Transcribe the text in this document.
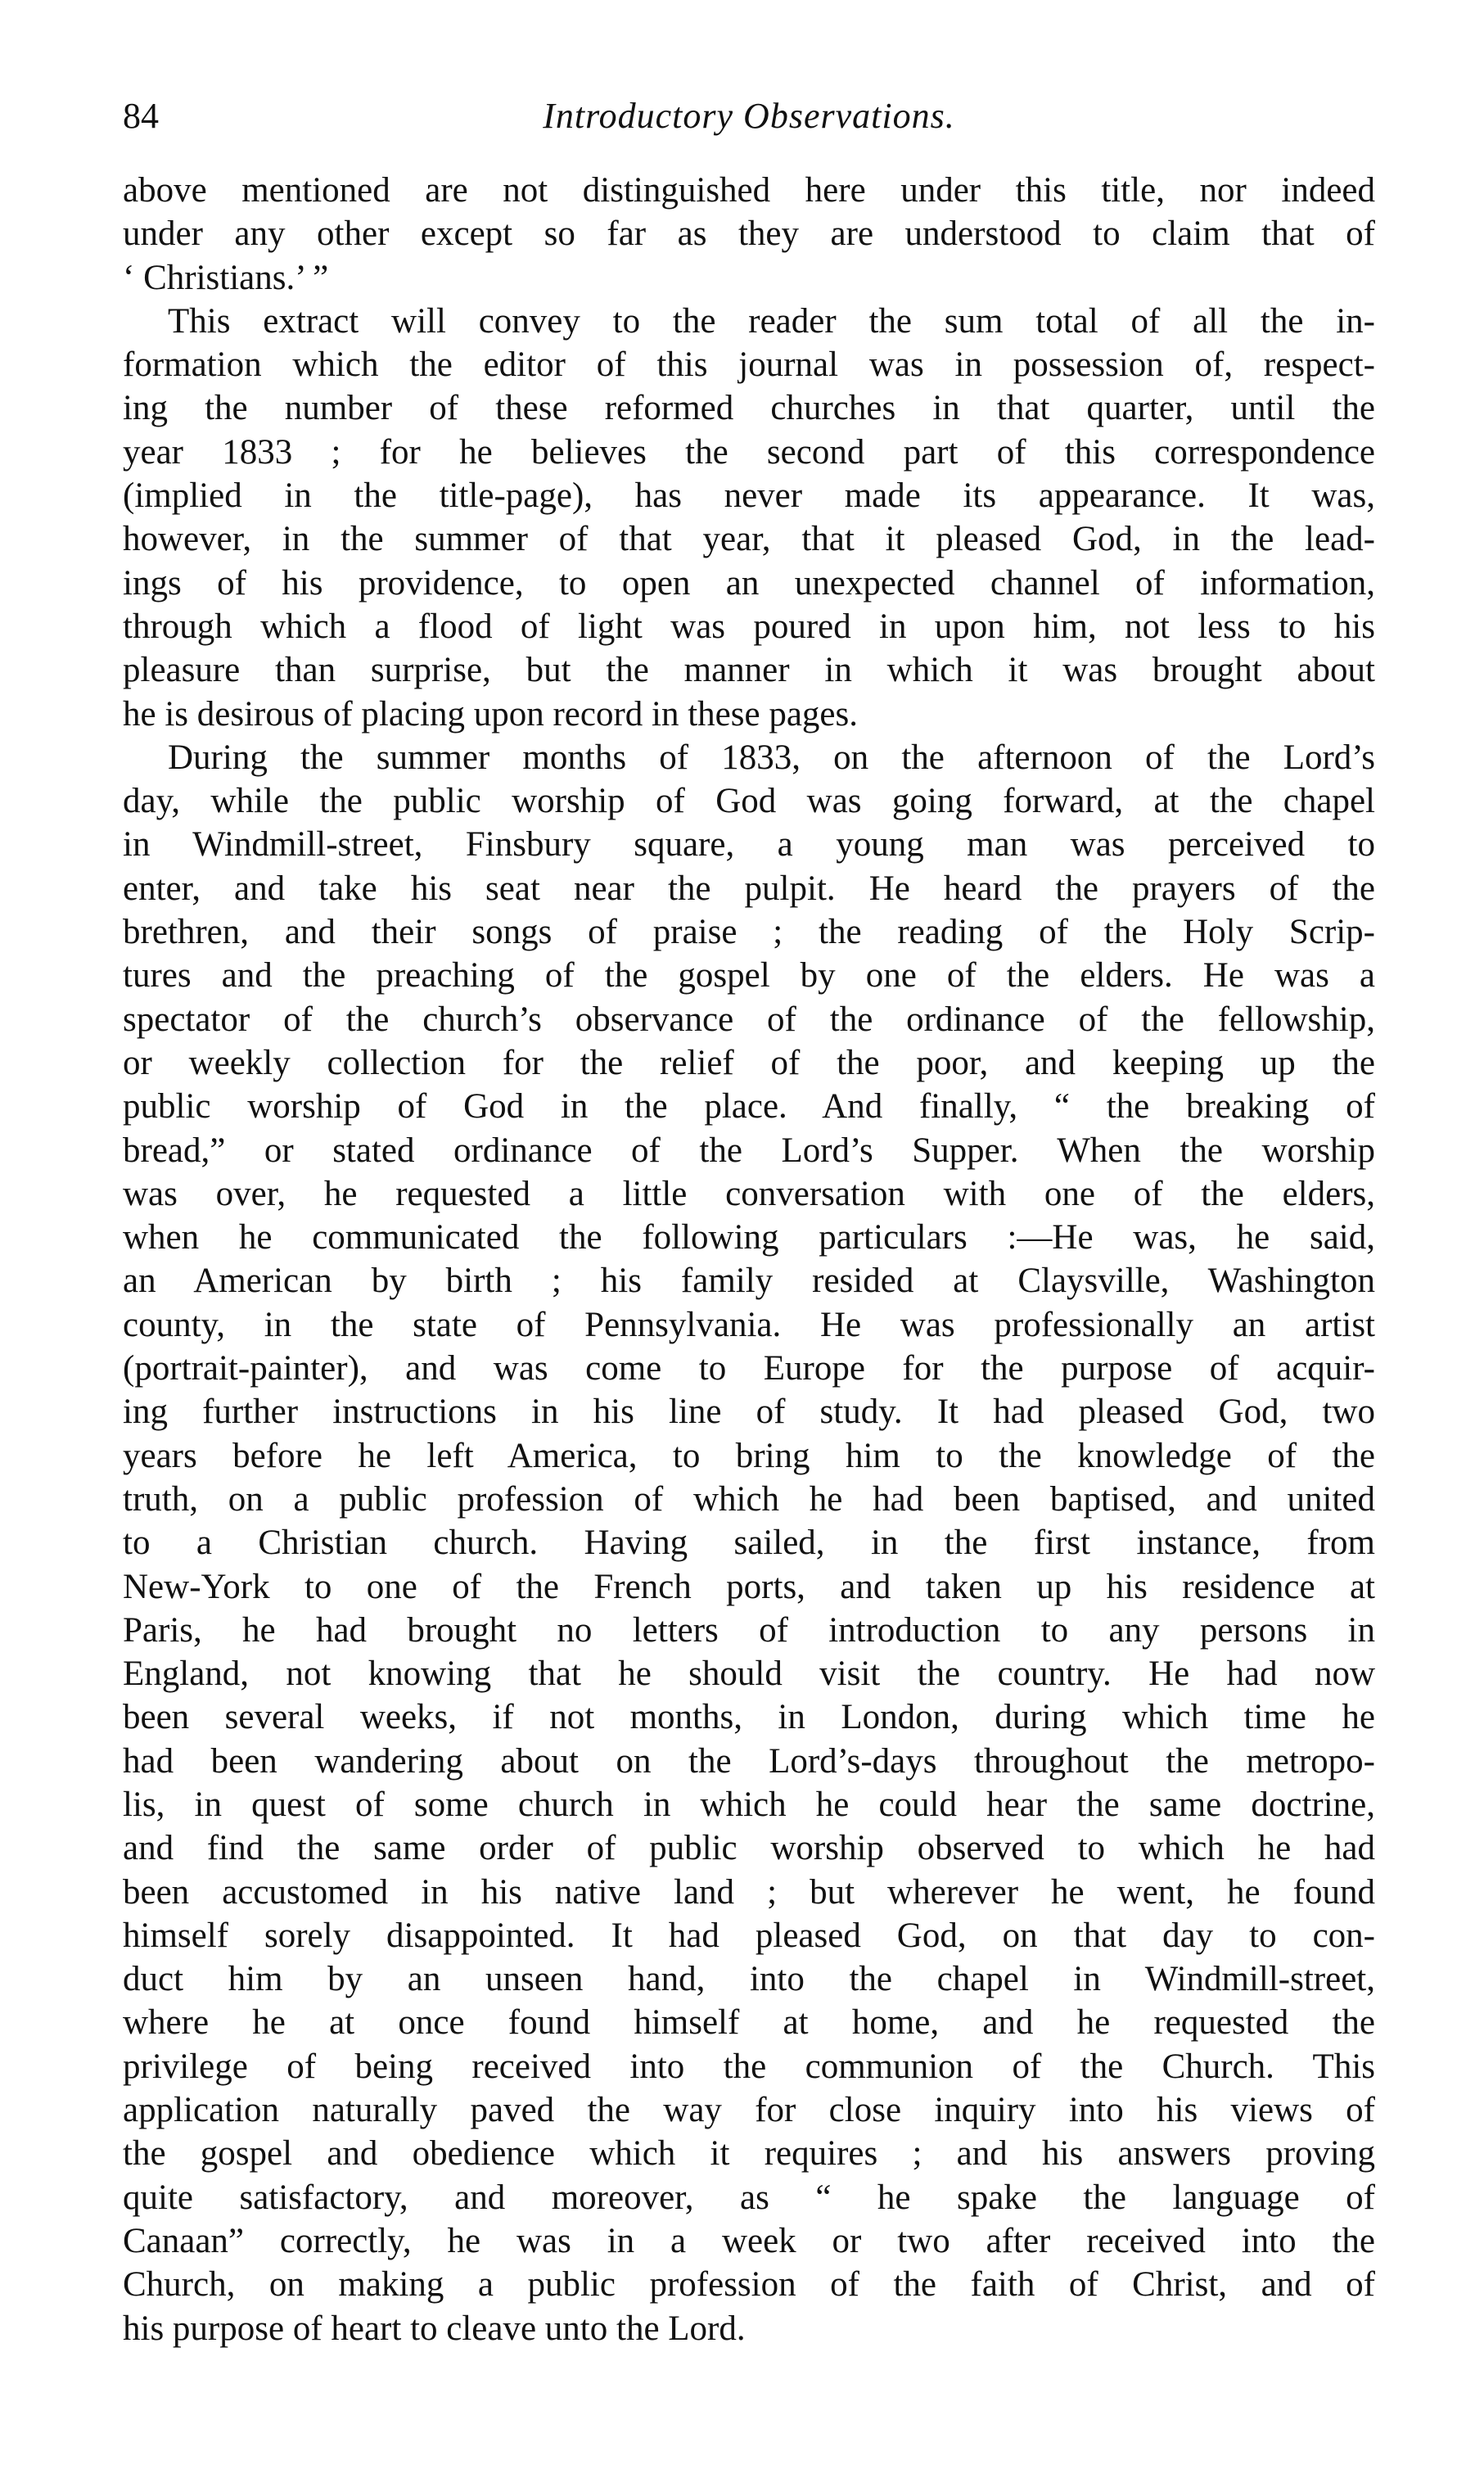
84	Introductory Observations.
above mentioned are not distinguished here under this title, nor indeed
under any other except so far as they are understood to claim that of
‘ Christians.’ ”
This extract will convey to the reader the sum total of all the in-
formation which the editor of this journal was in possession of, respect-
ing the number of these reformed churches in that quarter, until the
year 1833 ; for he believes the second part of this correspondence
(implied in the title-page), has never made its appearance. It was,
however, in the summer of that year, that it pleased God, in the lead-
ings of his providence, to open an unexpected channel of information,
through which a flood of light was poured in upon him, not less to his
pleasure than surprise, but the manner in which it was brought about
he is desirous of placing upon record in these pages.
During the summer months of 1833, on the afternoon of the Lord’s
day, while the public worship of God was going forward, at the chapel
in Windmill-street, Finsbury square, a young man was perceived to
enter, and take his seat near the pulpit. He heard the prayers of the
brethren, and their songs of praise ; the reading of the Holy Scrip-
tures and the preaching of the gospel by one of the elders. He was a
spectator of the church’s observance of the ordinance of the fellowship,
or weekly collection for the relief of the poor, and keeping up the
public worship of God in the place. And finally, “ the breaking of
bread,” or stated ordinance of the Lord’s Supper. When the worship
was over, he requested a little conversation with one of the elders,
when he communicated the following particulars :—He was, he said,
an American by birth ; his family resided at Claysville, Washington
county, in the state of Pennsylvania. He was professionally an artist
(portrait-painter), and was come to Europe for the purpose of acquir-
ing further instructions in his line of study. It had pleased God, two
years before he left America, to bring him to the knowledge of the
truth, on a public profession of which he had been baptised, and united
to a Christian church. Having sailed, in the first instance, from
New-York to one of the French ports, and taken up his residence at
Paris, he had brought no letters of introduction to any persons in
England, not knowing that he should visit the country. He had now
been several weeks, if not months, in London, during which time he
had been wandering about on the Lord’s-days throughout the metropo-
lis, in quest of some church in which he could hear the same doctrine,
and find the same order of public worship observed to which he had
been accustomed in his native land ; but wherever he went, he found
himself sorely disappointed. It had pleased God, on that day to con-
duct him by an unseen hand, into the chapel in Windmill-street,
where he at once found himself at home, and he requested the
privilege of being received into the communion of the Church. This
application naturally paved the way for close inquiry into his views of
the gospel and obedience which it requires ; and his answers proving
quite satisfactory, and moreover, as “ he spake the language of
Canaan” correctly, he was in a week or two after received into the
Church, on making a public profession of the faith of Christ, and of
his purpose of heart to cleave unto the Lord.
